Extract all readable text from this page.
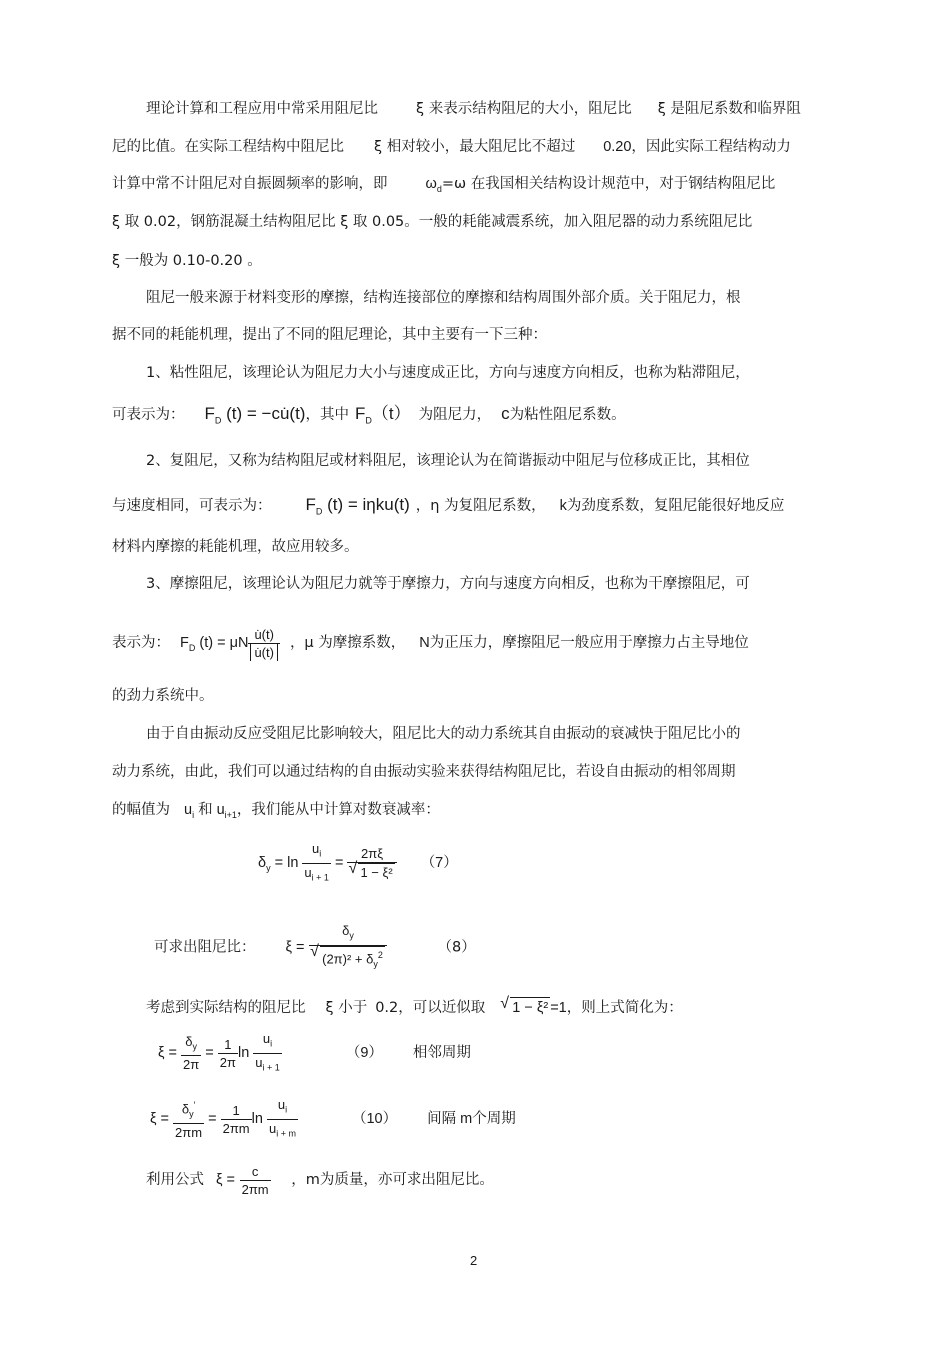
理论计算和工程应用中常采用阻尼比	ξ 来表示结构阻尼的大小，阻尼比 ξ 是阻尼系数和临界阻
尼的比值。在实际工程结构中阻尼比 ξ 相对较小，最大阻尼比不超过 0.20，因此实际工程结构动力
计算中常不计阻尼对自振圆频率的影响，即	$\omega_d=\omega$ 在我国相关结构设计规范中，对于钢结构阻尼比
ξ 取 0.02，钢筋混凝土结构阻尼比 ξ 取 0.05。一般的耗能减震系统，加入阻尼器的动力系统阻尼比
ξ 一般为 0.10-0.20 。
阻尼一般来源于材料变形的摩擦，结构连接部位的摩擦和结构周围外部介质。关于阻尼力，根
据不同的耗能机理，提出了不同的阻尼理论，其中主要有一下三种：
1、粘性阻尼，该理论认为阻尼力大小与速度成正比，方向与速度方向相反，也称为粘滞阻尼，
可表示为： $F_D$ (t) = −cu̇(t)，其中 $F_D(t)$ 为阻尼力， c为粘性阻尼系数。
2、复阻尼，又称为结构阻尼或材料阻尼，该理论认为在简谐振动中阻尼与位移成正比，其相位
与速度相同，可表示为： $F_D$ (t) = iηku(t) ，η 为复阻尼系数， k为劲度系数，复阻尼能很好地反应
材料内摩擦的耗能机理，故应用较多。
3、摩擦阻尼，该理论认为阻尼力就等于摩擦力，方向与速度方向相反，也称为干摩擦阻尼，可
表示为： $F_D$ (t) = μN $\frac{u̇(t)}{u̇(t)}$ ，μ 为摩擦系数， N为正压力，摩擦阻尼一般应用于摩擦力占主导地位
的劲力系统中。
由于自由振动反应受阻尼比影响较大，阻尼比大的动力系统其自由振动的衰减快于阻尼比小的
动力系统，由此，我们可以通过结构的自由振动实验来获得结构阻尼比，若设自由振动的相邻周期
的幅值为 $u_i$ 和 $u_{i+1}$，我们能从中计算对数衰减率：
$\delta_y = \ln \frac{u_i}{u_{i + 1}} = 2\pi\xi$
√ 1 − ξ² （7）
可求出阻尼比： $\xi = \delta_y$
√ $(2\pi)^2 + \delta_y^2$	（8）
考虑到实际结构的阻尼比 ξ 小于 0.2，可以近似取√ 1 − ξ² =1，则上式简化为：
$\xi = \frac{\delta_y}{2\pi} = \frac{1}{2\pi}$ $\ln \frac{u_i}{u_{i + 1}}$	（9） 相邻周期
$\xi = \frac{\delta_y'}{2\pi m} = \frac{1}{2\pi m}$ $\ln \frac{u_i}{u_{i + m}}$	（10） 间隔 m个周期
利用公式 $\xi = \frac{c}{2\pi m}$ ，m为质量，亦可求出阻尼比。
2
